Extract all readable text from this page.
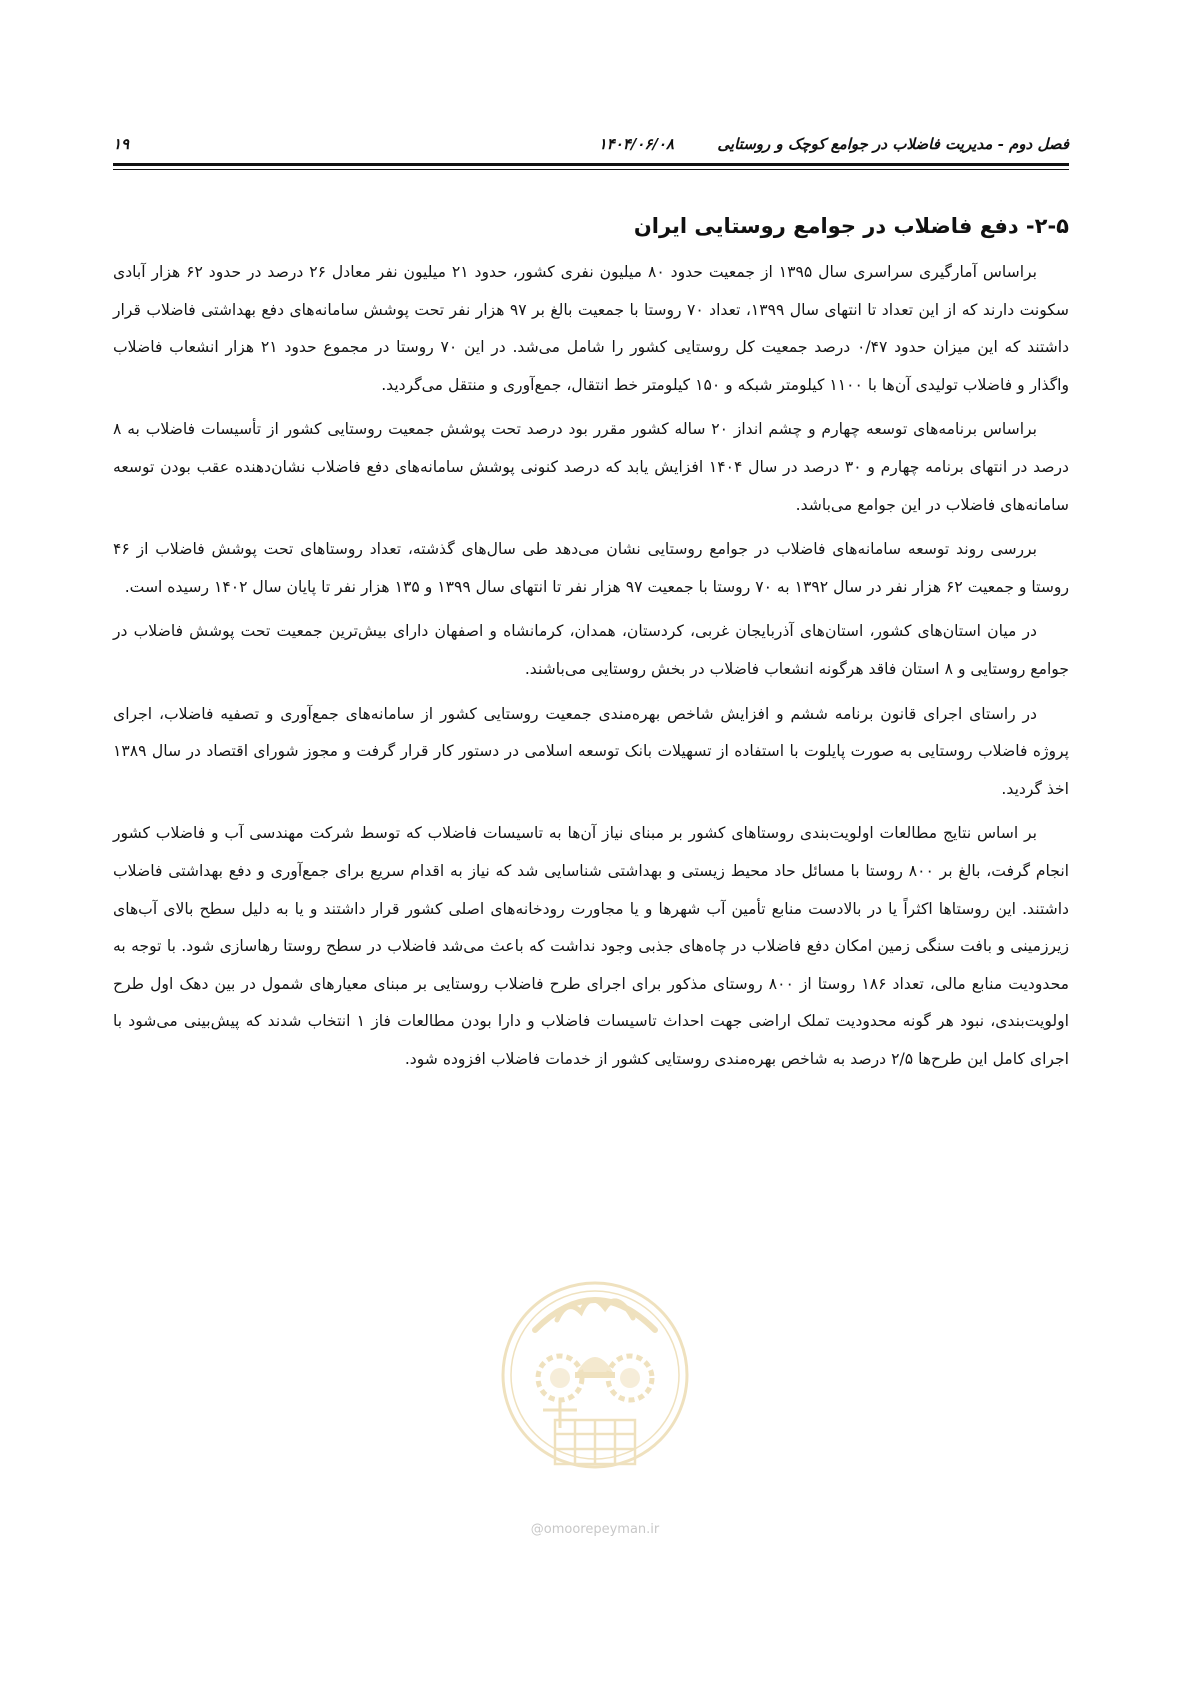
فصل دوم - مدیریت فاضلاب در جوامع کوچک و روستایی
۱۴۰۴/۰۶/۰۸
۱۹
۲-۵- دفع فاضلاب در جوامع روستایی ایران

براساس آمارگیری سراسری سال ۱۳۹۵ از جمعیت حدود ۸۰ میلیون نفری کشور، حدود ۲۱ میلیون نفر معادل ۲۶ درصد در حدود ۶۲ هزار آبادی سکونت دارند که از این تعداد تا انتهای سال ۱۳۹۹، تعداد ۷۰ روستا با جمعیت بالغ بر ۹۷ هزار نفر تحت پوشش سامانه‌های دفع بهداشتی فاضلاب قرار داشتند که این میزان حدود ۰/۴۷ درصد جمعیت کل روستایی کشور را شامل می‌شد. در این ۷۰ روستا در مجموع حدود ۲۱ هزار انشعاب فاضلاب واگذار و فاضلاب تولیدی آن‌ها با ۱۱۰۰ کیلومتر شبکه و ۱۵۰ کیلومتر خط انتقال، جمع‌آوری و منتقل می‌گردید.

براساس برنامه‌های توسعه چهارم و چشم انداز ۲۰ ساله کشور مقرر بود درصد تحت پوشش جمعیت روستایی کشور از تأسیسات فاضلاب به ۸ درصد در انتهای برنامه چهارم و ۳۰ درصد در سال ۱۴۰۴ افزایش یابد که درصد کنونی پوشش سامانه‌های دفع فاضلاب نشان‌دهنده عقب بودن توسعه سامانه‌های فاضلاب در این جوامع می‌باشد.

بررسی روند توسعه سامانه‌های فاضلاب در جوامع روستایی نشان می‌دهد طی سال‌های گذشته، تعداد روستاهای تحت پوشش فاضلاب از ۴۶ روستا و جمعیت ۶۲ هزار نفر در سال ۱۳۹۲ به ۷۰ روستا با جمعیت ۹۷ هزار نفر تا انتهای سال ۱۳۹۹ و ۱۳۵ هزار نفر تا پایان سال ۱۴۰۲ رسیده است.

در میان استان‌های کشور، استان‌های آذربایجان غربی، کردستان، همدان، کرمانشاه و اصفهان دارای بیش‌ترین جمعیت تحت پوشش فاضلاب در جوامع روستایی و ۸ استان فاقد هرگونه انشعاب فاضلاب در بخش روستایی می‌باشند.

در راستای اجرای قانون برنامه ششم و افزایش شاخص بهره‌مندی جمعیت روستایی کشور از سامانه‌های جمع‌آوری و تصفیه فاضلاب، اجرای پروژه فاضلاب روستایی به صورت پایلوت با استفاده از تسهیلات بانک توسعه اسلامی در دستور کار قرار گرفت و مجوز شورای اقتصاد در سال ۱۳۸۹ اخذ گردید.

بر اساس نتایج مطالعات اولویت‌بندی روستاهای کشور بر مبنای نیاز آن‌ها به تاسیسات فاضلاب که توسط شرکت مهندسی آب و فاضلاب کشور انجام گرفت، بالغ بر ۸۰۰ روستا با مسائل حاد محیط زیستی و بهداشتی شناسایی شد که نیاز به اقدام سریع برای جمع‌آوری و دفع بهداشتی فاضلاب داشتند. این روستاها اکثراً یا در بالادست منابع تأمین آب شهرها و یا مجاورت رودخانه‌های اصلی کشور قرار داشتند و یا به دلیل سطح بالای آب‌های زیرزمینی و بافت سنگی زمین امکان دفع فاضلاب در چاه‌های جذبی وجود نداشت که باعث می‌شد فاضلاب در سطح روستا رهاسازی شود. با توجه به محدودیت منابع مالی، تعداد ۱۸۶ روستا از ۸۰۰ روستای مذکور برای اجرای طرح فاضلاب روستایی بر مبنای معیارهای شمول در بین دهک اول طرح اولویت‌بندی، نبود هر گونه محدودیت تملک اراضی جهت احداث تاسیسات فاضلاب و دارا بودن مطالعات فاز ۱ انتخاب شدند که پیش‌بینی می‌شود با اجرای کامل این طرح‌ها ۲/۵ درصد به شاخص بهره‌مندی روستایی کشور از خدمات فاضلاب افزوده شود.

@omoorepeyman.ir
